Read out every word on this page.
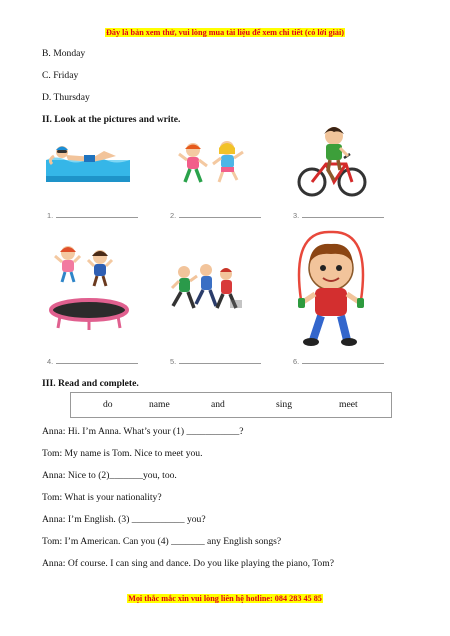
Đây là bản xem thử, vui lòng mua tài liệu để xem chi tiết (có lời giải)
B. Monday
C. Friday
D. Thursday
II. Look at the pictures and write.
1.	2.	3.
4.	5.	6.
III. Read and complete.
do	name	and	sing	meet
Anna: Hi. I’m Anna. What’s your (1) ___________?
Tom: My name is Tom. Nice to meet you.
Anna: Nice to (2)_______you, too.
Tom: What is your nationality?
Anna: I’m English. (3) ___________ you?
Tom: I’m American. Can you (4) _______ any English songs?
Anna: Of course. I can sing and dance. Do you like playing the piano, Tom?
Mọi thắc mắc xin vui lòng liên hệ hotline: 084 283 45 85
